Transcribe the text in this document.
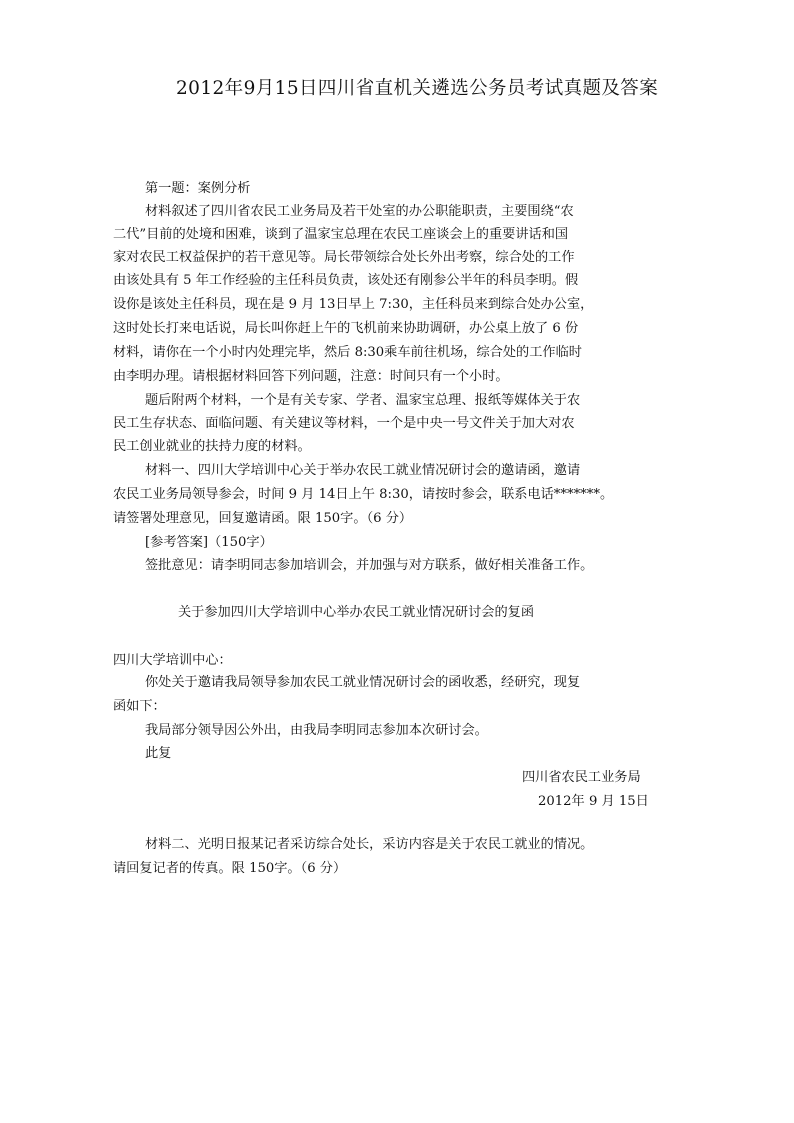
2012年9月15日四川省直机关遴选公务员考试真题及答案
第一题：案例分析
材料叙述了四川省农民工业务局及若干处室的办公职能职责，主要围绕“农
二代”目前的处境和困难，谈到了温家宝总理在农民工座谈会上的重要讲话和国
家对农民工权益保护的若干意见等。局长带领综合处长外出考察，综合处的工作
由该处具有 5 年工作经验的主任科员负责，该处还有刚参公半年的科员李明。假
设你是该处主任科员，现在是 9 月 13日早上 7:30，主任科员来到综合处办公室，
这时处长打来电话说，局长叫你赶上午的飞机前来协助调研，办公桌上放了 6 份
材料，请你在一个小时内处理完毕，然后 8:30乘车前往机场，综合处的工作临时
由李明办理。请根据材料回答下列问题，注意：时间只有一个小时。
题后附两个材料，一个是有关专家、学者、温家宝总理、报纸等媒体关于农
民工生存状态、面临问题、有关建议等材料，一个是中央一号文件关于加大对农
民工创业就业的扶持力度的材料。
材料一、四川大学培训中心关于举办农民工就业情况研讨会的邀请函，邀请
农民工业务局领导参会，时间 9 月 14日上午 8:30，请按时参会，联系电话*******。
请签署处理意见，回复邀请函。限 150字。（6 分）
[参考答案]（150字）
签批意见：请李明同志参加培训会，并加强与对方联系，做好相关准备工作。
关于参加四川大学培训中心举办农民工就业情况研讨会的复函
四川大学培训中心：
你处关于邀请我局领导参加农民工就业情况研讨会的函收悉，经研究，现复
函如下：
我局部分领导因公外出，由我局李明同志参加本次研讨会。
此复
四川省农民工业务局
2012年 9 月 15日
材料二、光明日报某记者采访综合处长，采访内容是关于农民工就业的情况。
请回复记者的传真。限 150字。（6 分）
